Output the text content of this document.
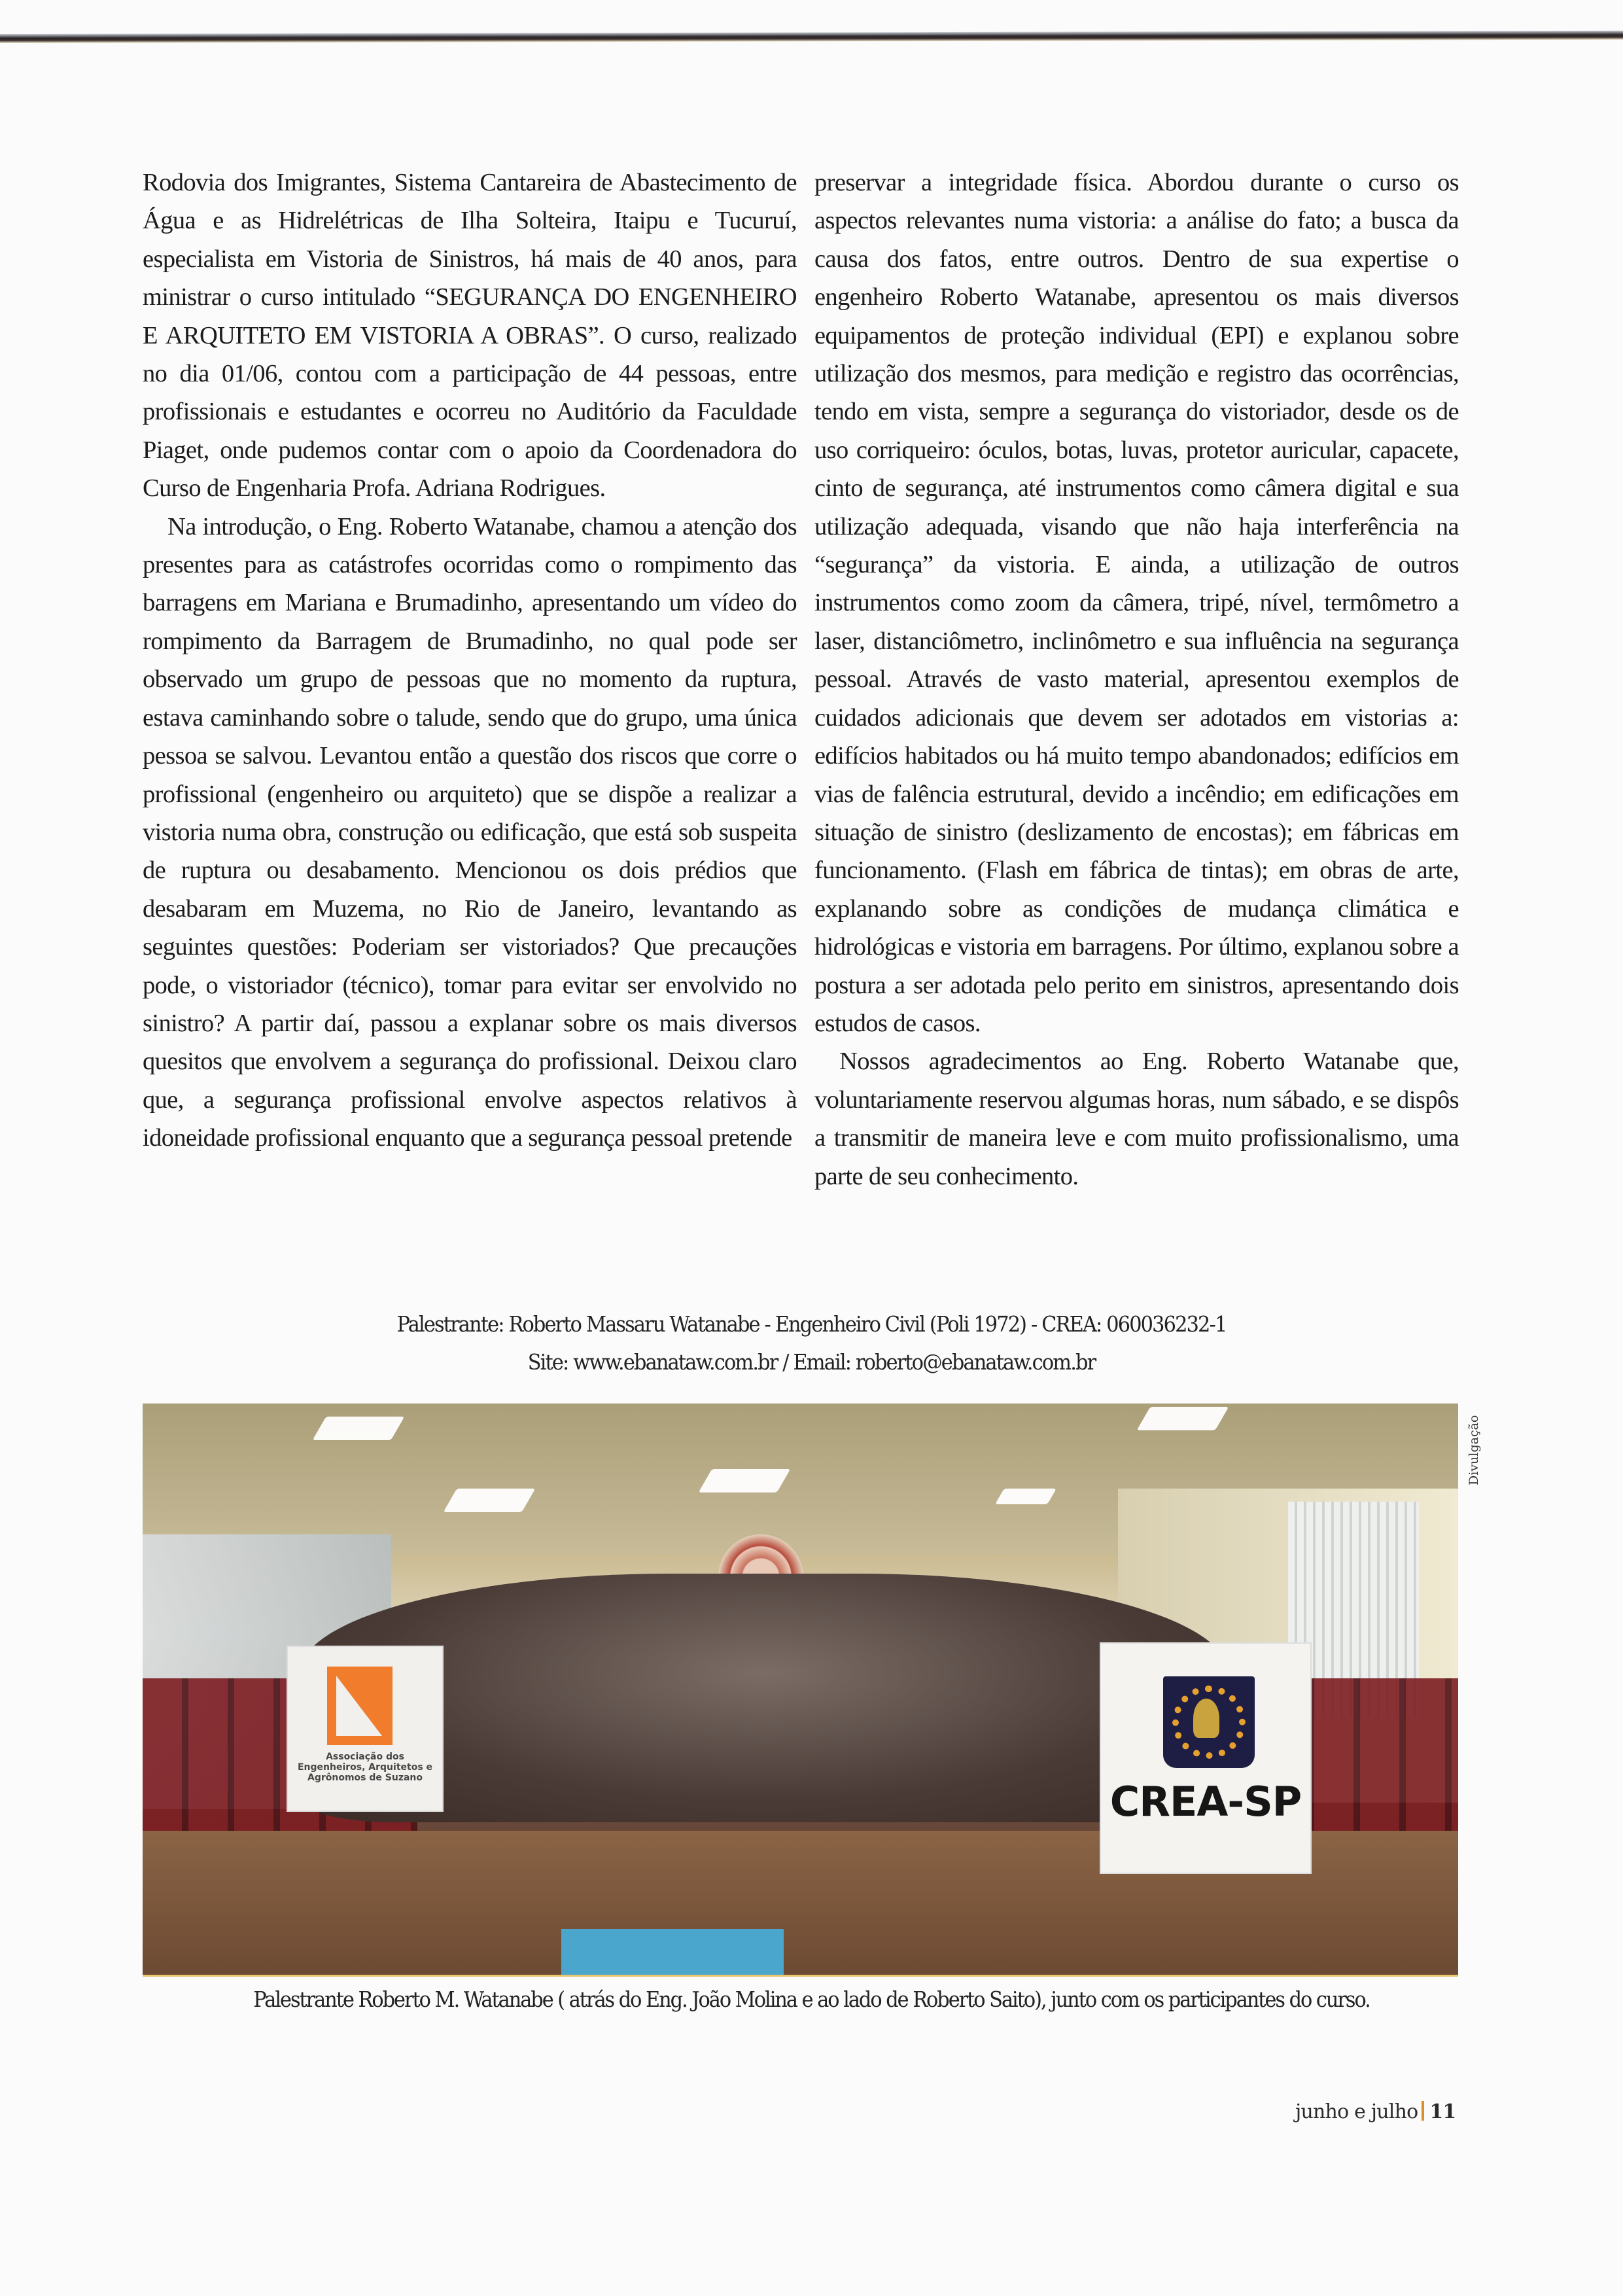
Rodovia dos Imigrantes, Sistema Cantareira de Abastecimento de Água e as Hidrelétricas de Ilha Solteira, Itaipu e Tucuruí, especialista em Vistoria de Sinistros, há mais de 40 anos, para ministrar o curso intitulado “SEGURANÇA DO ENGENHEIRO E ARQUITETO EM VISTORIA A OBRAS”. O curso, realizado no dia 01/06, contou com a participação de 44 pessoas, entre profissionais e estudantes e ocorreu no Auditório da Faculdade Piaget, onde pudemos contar com o apoio da Coordenadora do Curso de Engenharia Profa. Adriana Rodrigues.

Na introdução, o Eng. Roberto Watanabe, chamou a atenção dos presentes para as catástrofes ocorridas como o rompimento das barragens em Mariana e Brumadinho, apresentando um vídeo do rompimento da Barragem de Brumadinho, no qual pode ser observado um grupo de pessoas que no momento da ruptura, estava caminhando sobre o talude, sendo que do grupo, uma única pessoa se salvou. Levantou então a questão dos riscos que corre o profissional (engenheiro ou arquiteto) que se dispõe a realizar a vistoria numa obra, construção ou edificação, que está sob suspeita de ruptura ou desabamento. Mencionou os dois prédios que desabaram em Muzema, no Rio de Janeiro, levantando as seguintes questões: Poderiam ser vistoriados? Que precauções pode, o vistoriador (técnico), tomar para evitar ser envolvido no sinistro? A partir daí, passou a explanar sobre os mais diversos quesitos que envolvem a segurança do profissional. Deixou claro que, a segurança profissional envolve aspectos relativos à idoneidade profissional enquanto que a segurança pessoal pretende

preservar a integridade física. Abordou durante o curso os aspectos relevantes numa vistoria: a análise do fato; a busca da causa dos fatos, entre outros. Dentro de sua expertise o engenheiro Roberto Watanabe, apresentou os mais diversos equipamentos de proteção individual (EPI) e explanou sobre utilização dos mesmos, para medição e registro das ocorrências, tendo em vista, sempre a segurança do vistoriador, desde os de uso corriqueiro: óculos, botas, luvas, protetor auricular, capacete, cinto de segurança, até instrumentos como câmera digital e sua utilização adequada, visando que não haja interferência na “segurança” da vistoria. E ainda, a utilização de outros instrumentos como zoom da câmera, tripé, nível, termômetro a laser, distanciômetro, inclinômetro e sua influência na segurança pessoal. Através de vasto material, apresentou exemplos de cuidados adicionais que devem ser adotados em vistorias a: edifícios habitados ou há muito tempo abandonados; edifícios em vias de falência estrutural, devido a incêndio; em edificações em situação de sinistro (deslizamento de encostas); em fábricas em funcionamento. (Flash em fábrica de tintas); em obras de arte, explanando sobre as condições de mudança climática e hidrológicas e vistoria em barragens. Por último, explanou sobre a postura a ser adotada pelo perito em sinistros, apresentando dois estudos de casos.

Nossos agradecimentos ao Eng. Roberto Watanabe que, voluntariamente reservou algumas horas, num sábado, e se dispôs a transmitir de maneira leve e com muito profissionalismo, uma parte de seu conhecimento.

Palestrante: Roberto Massaru Watanabe - Engenheiro Civil (Poli 1972) - CREA: 060036232-1
Site: www.ebanataw.com.br / Email: roberto@ebanataw.com.br
Associação dos Engenheiros, Arquitetos e Agrônomos de Suzano	CREA-SP
Divulgação
Palestrante Roberto M. Watanabe ( atrás do Eng. João Molina e ao lado de Roberto Saito), junto com os participantes do curso.
junho e julho 11
